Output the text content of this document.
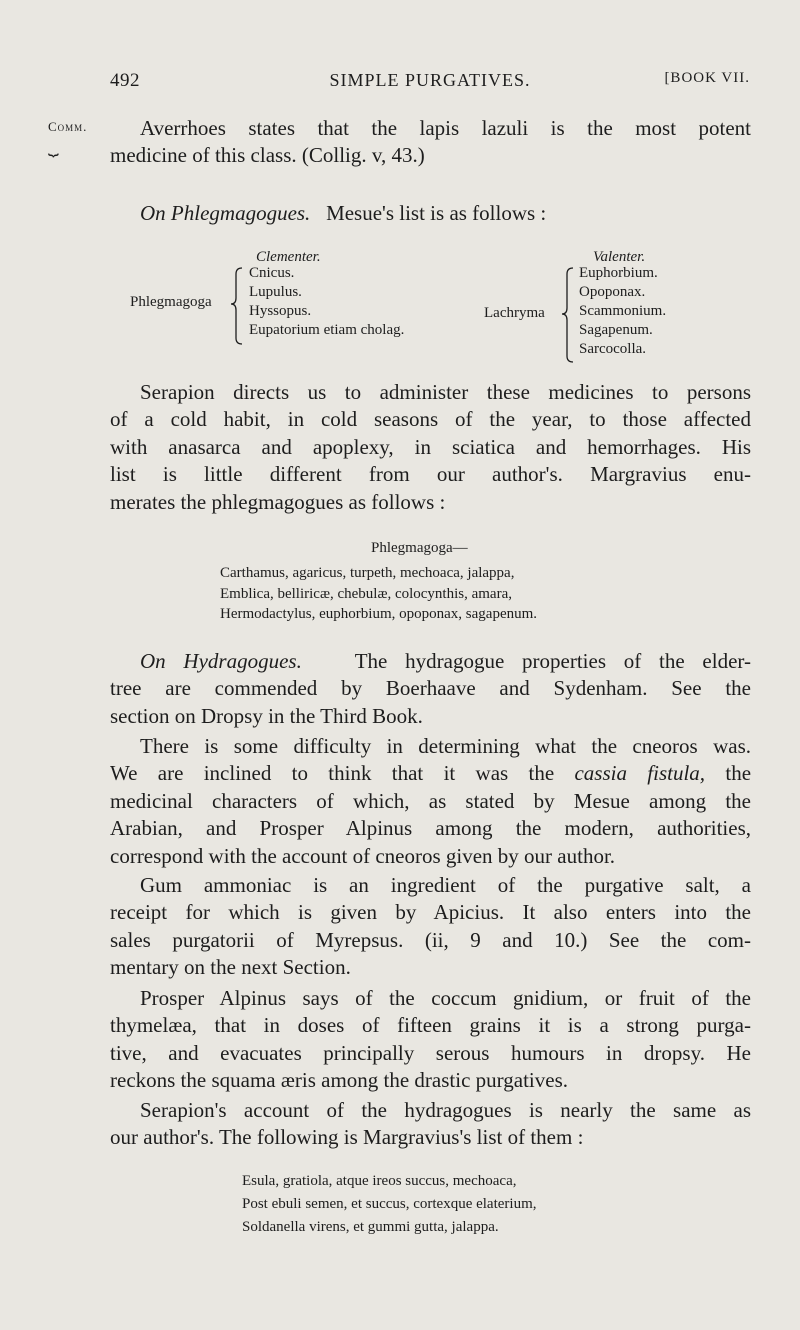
492	SIMPLE PURGATIVES.	[BOOK VII.
Comm.
⏟
Averrhoes states that the lapis lazuli is the most potent
medicine of this class. (Collig. v, 43.)
On Phlegmagogues. Mesue's list is as follows :
Clementer.	Valenter.
Phlegmagoga
Cnicus.
Lupulus.
Hyssopus.
Eupatorium etiam cholag.
Lachryma
Euphorbium.
Opoponax.
Scammonium.
Sagapenum.
Sarcocolla.
Serapion directs us to administer these medicines to persons
of a cold habit, in cold seasons of the year, to those affected
with anasarca and apoplexy, in sciatica and hemorrhages. His
list is little different from our author's. Margravius enu-
merates the phlegmagogues as follows :
Phlegmagoga—
Carthamus, agaricus, turpeth, mechoaca, jalappa,
Emblica, belliricæ, chebulæ, colocynthis, amara,
Hermodactylus, euphorbium, opoponax, sagapenum.
On Hydragogues.	The hydragogue properties of the elder-
tree are commended by Boerhaave and Sydenham. See the
section on Dropsy in the Third Book.
There is some difficulty in determining what the cneoros was.
We are inclined to think that it was the cassia fistula, the
medicinal characters of which, as stated by Mesue among the
Arabian, and Prosper Alpinus among the modern, authorities,
correspond with the account of cneoros given by our author.
Gum ammoniac is an ingredient of the purgative salt, a
receipt for which is given by Apicius. It also enters into the
sales purgatorii of Myrepsus. (ii, 9 and 10.) See the com-
mentary on the next Section.
Prosper Alpinus says of the coccum gnidium, or fruit of the
thymelæa, that in doses of fifteen grains it is a strong purga-
tive, and evacuates principally serous humours in dropsy. He
reckons the squama æris among the drastic purgatives.
Serapion's account of the hydragogues is nearly the same as
our author's. The following is Margravius's list of them :
Esula, gratiola, atque ireos succus, mechoaca,
Post ebuli semen, et succus, cortexque elaterium,
Soldanella virens, et gummi gutta, jalappa.
